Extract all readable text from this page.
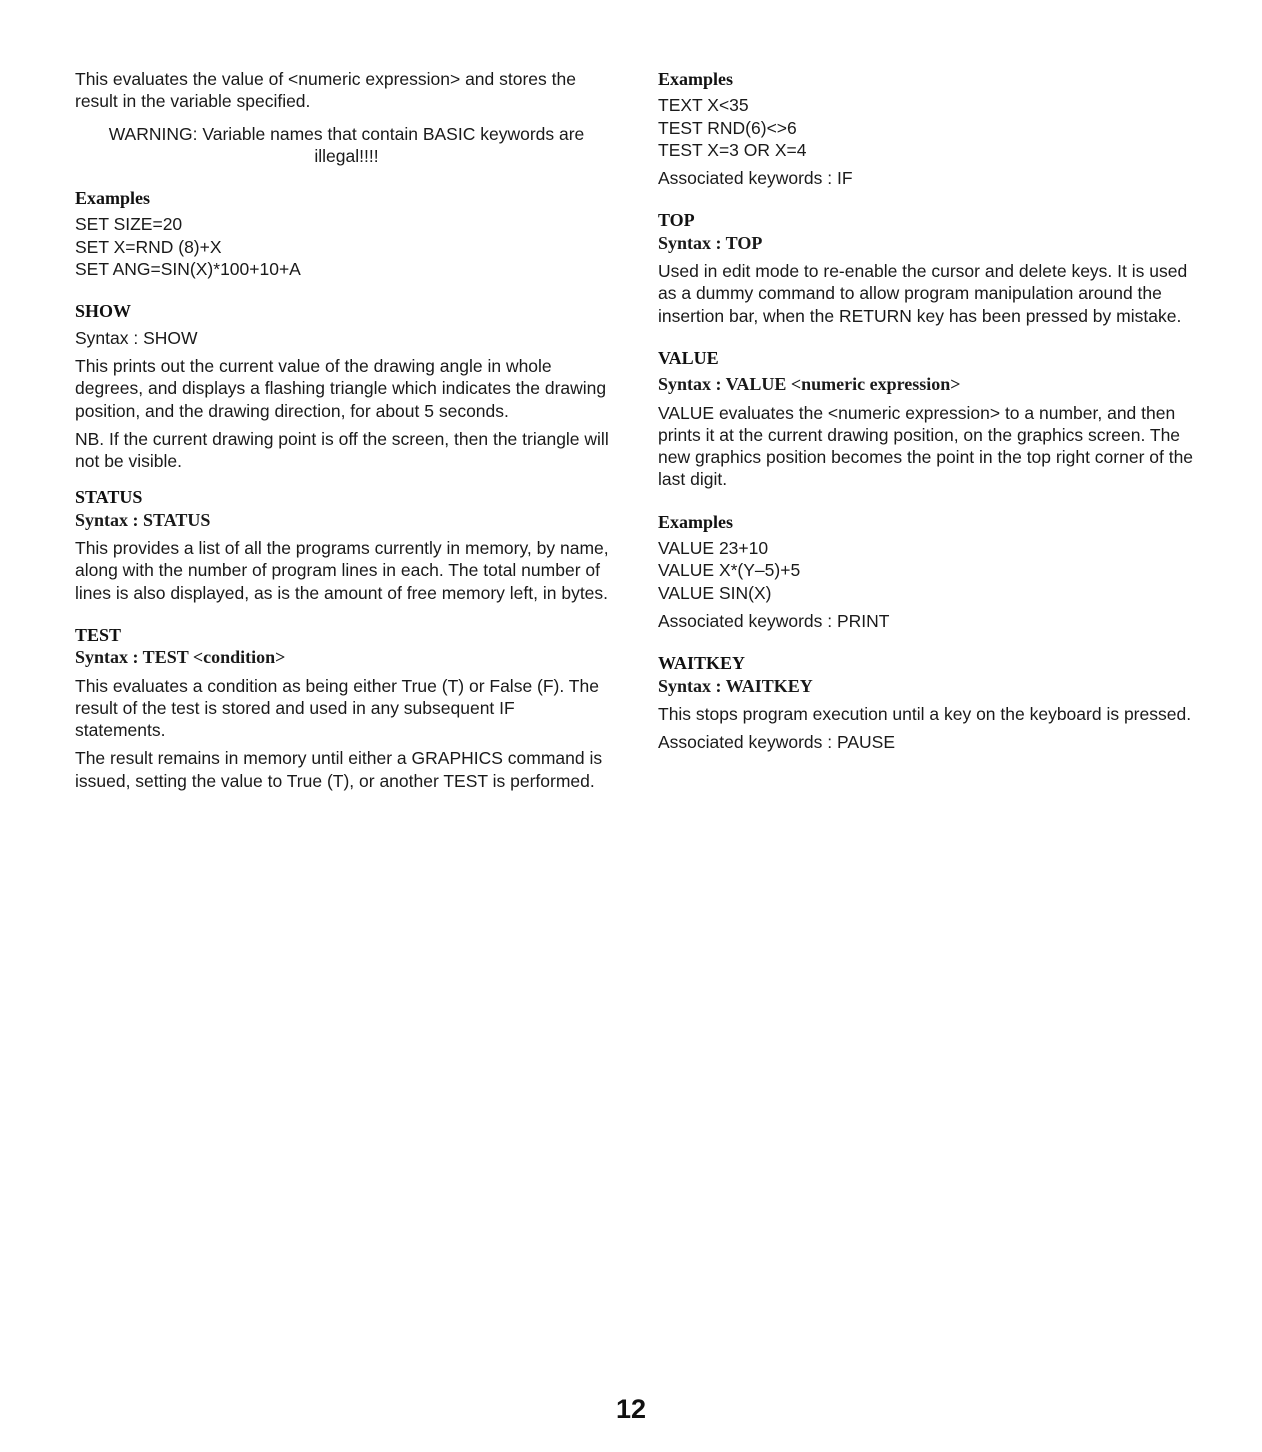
This evaluates the value of <numeric expression> and stores the result in the variable specified.

WARNING: Variable names that contain BASIC keywords are illegal!!!!

Examples
SET SIZE=20
SET X=RND (8)+X
SET ANG=SIN(X)*100+10+A
SHOW

Syntax : SHOW

This prints out the current value of the drawing angle in whole degrees, and displays a flashing triangle which indicates the drawing position, and the drawing direction, for about 5 seconds.

NB. If the current drawing point is off the screen, then the triangle will not be visible.

STATUS

Syntax : STATUS

This provides a list of all the programs currently in memory, by name, along with the number of program lines in each. The total number of lines is also displayed, as is the amount of free memory left, in bytes.

TEST

Syntax : TEST <condition>

This evaluates a condition as being either True (T) or False (F). The result of the test is stored and used in any subsequent IF statements.

The result remains in memory until either a GRAPHICS command is issued, setting the value to True (T), or another TEST is performed.

Examples
TEXT X<35
TEST RND(6)<>6
TEST X=3 OR X=4

Associated keywords : IF

TOP

Syntax : TOP

Used in edit mode to re-enable the cursor and delete keys. It is used as a dummy command to allow program manipulation around the insertion bar, when the RETURN key has been pressed by mistake.

VALUE

Syntax : VALUE <numeric expression>

VALUE evaluates the <numeric expression> to a number, and then prints it at the current drawing position, on the graphics screen. The new graphics position becomes the point in the top right corner of the last digit.

Examples
VALUE 23+10
VALUE X*(Y–5)+5
VALUE SIN(X)

Associated keywords : PRINT

WAITKEY

Syntax : WAITKEY

This stops program execution until a key on the keyboard is pressed.

Associated keywords : PAUSE

12
